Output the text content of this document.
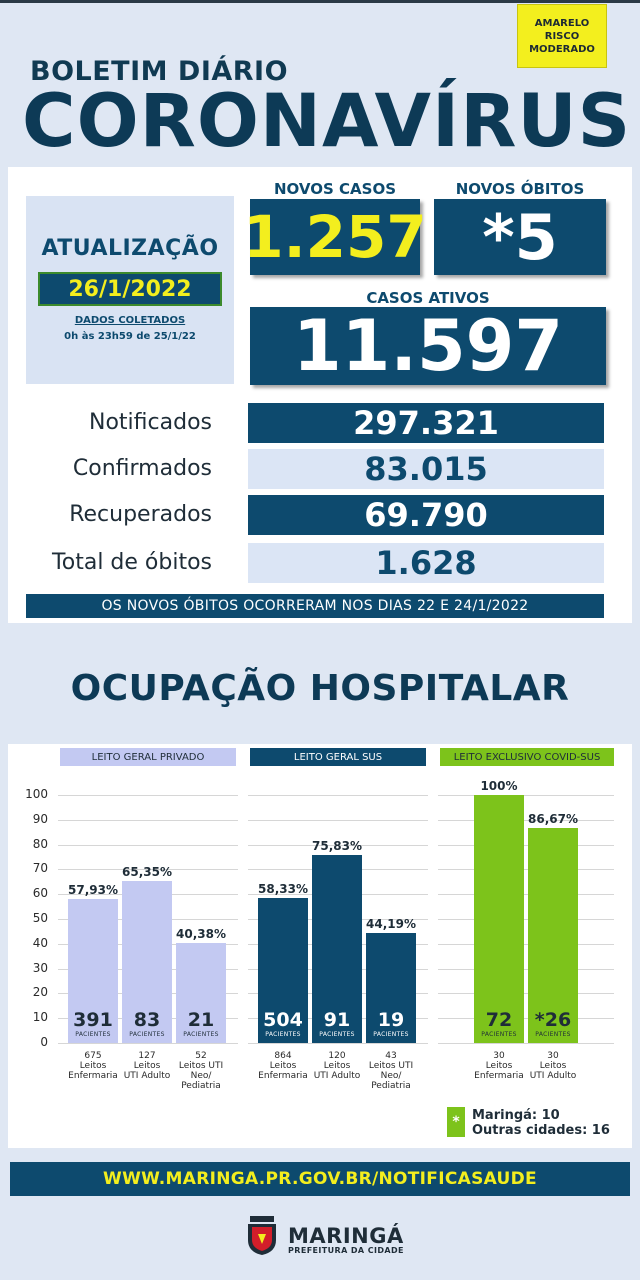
AMARELO
RISCO
MODERADO
BOLETIM DIÁRIO
CORONAVÍRUS
ATUALIZAÇÃO
26/1/2022
DADOS COLETADOS
0h às 23h59 de 25/1/22
NOVOS CASOS	NOVOS ÓBITOS
1.257 *5
CASOS ATIVOS
11.597
Notificados	297.321
Confirmados	83.015
Recuperados	69.790
Total de óbitos	1.628
OS NOVOS ÓBITOS OCORRERAM NOS DIAS 22 E 24/1/2022
OCUPAÇÃO HOSPITALAR
100
90
80
70
60
50
40
30
20
10
0
LEITO GERAL PRIVADO
57,93%
391
PACIENTES
675
Leitos
Enfermaria
65,35%
83
PACIENTES
127
Leitos
UTI Adulto
40,38%
21
PACIENTES
52
Leitos UTI
Neo/
Pediatria
LEITO GERAL SUS
58,33%
504
PACIENTES
864
Leitos
Enfermaria
75,83%
91
PACIENTES
120
Leitos
UTI Adulto
44,19%
19
PACIENTES
43
Leitos UTI
Neo/
Pediatria
LEITO EXCLUSIVO COVID-SUS
100%
72
PACIENTES
30
Leitos
Enfermaria
86,67%
*26
PACIENTES
30
Leitos
UTI Adulto
* Maringá: 10
Outras cidades: 16
WWW.MARINGA.PR.GOV.BR/NOTIFICASAUDE
MARINGÁ
PREFEITURA DA CIDADE
